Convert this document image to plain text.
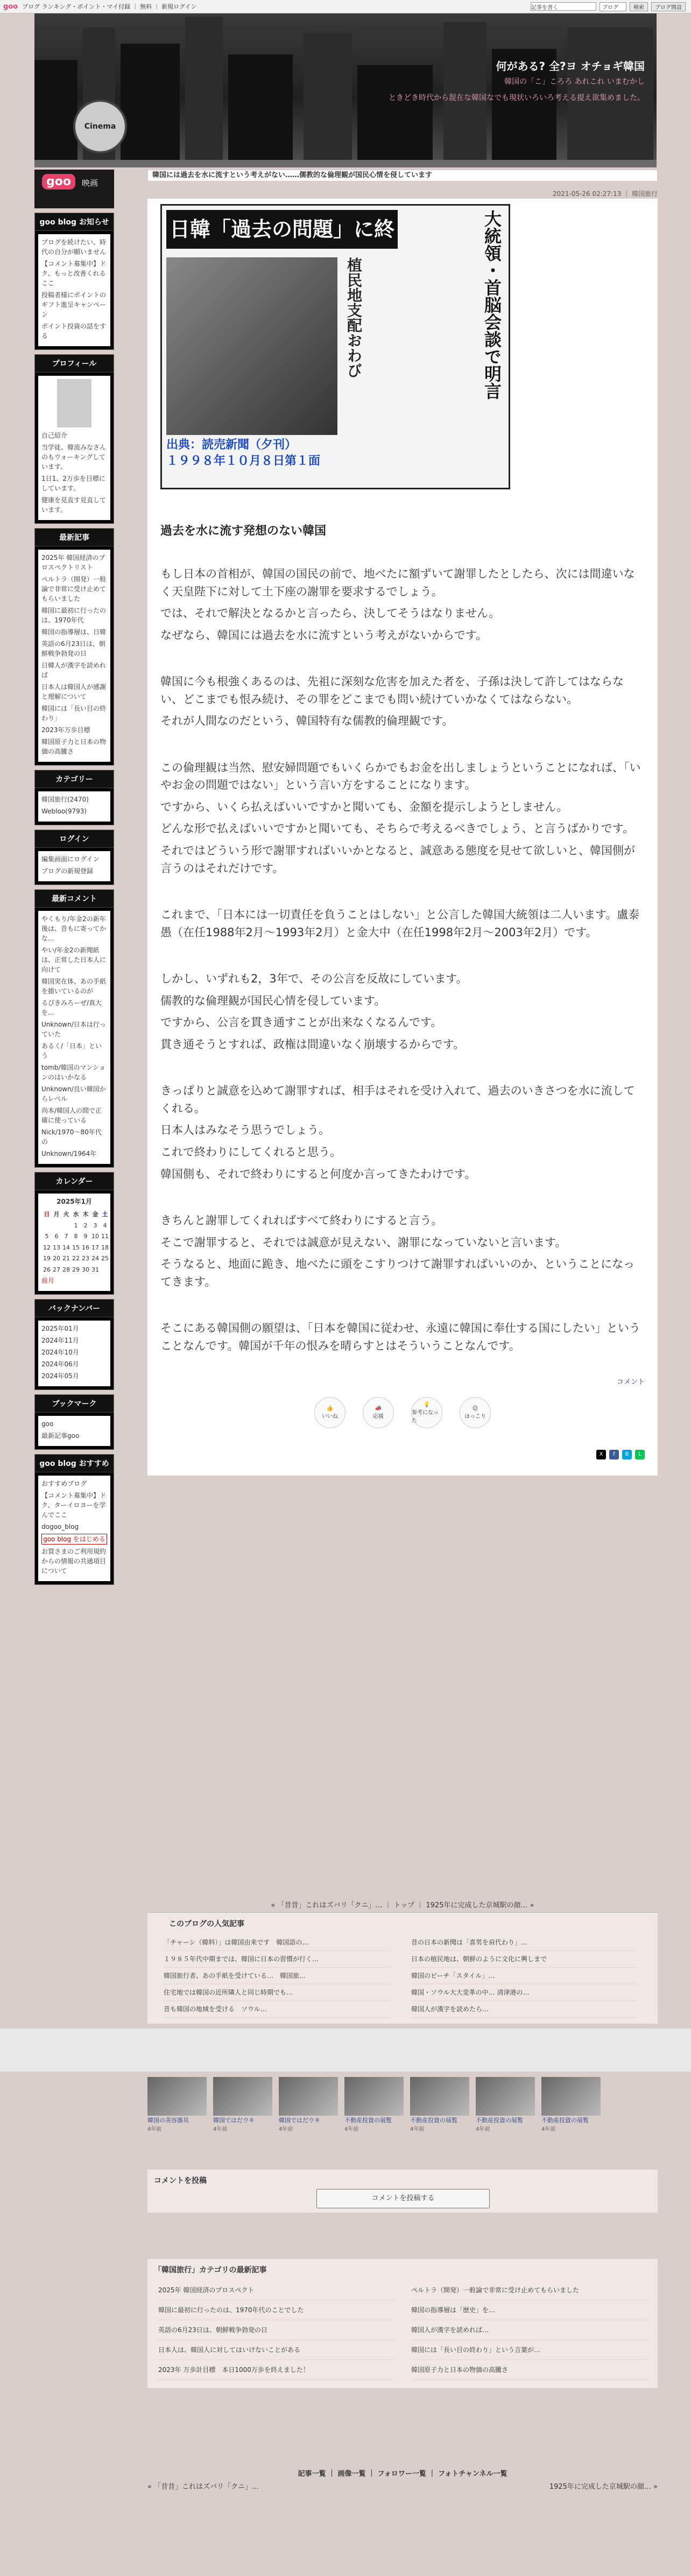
goo ブログ ランキング・ポイント・マイ付録 ｜ 無料 ｜ 新規ログイン	記事を書く	ブログ	検索	ブログ開設
Cinema
何がある? 全?ヨ オチョギ韓国
韓国の「こ」ころろ あれこれ いまむかし
ときどき時代から混在な韓国なでも現状いろいろ考える提え欲集めました。
goo	映画
goo blog お知らせ
ブログを続けたい、時代の自分が願いません
【コメント募集中】ドク、もっと改善くれるここ
投稿者様にポイントのギフト進呈キャンペーン
ポイント投資の話をする
プロフィール
自己紹介
当学徒、韓流みなさんのもウォーキングしています。
1日1、2万歩を目標にしています。
健康を見直す見直しています。
最新記事
2025年 韓国経済のプロスペクトリスト
ペルトラ（開発）一般論で非常に受け止めてもらいました
韓国に最初に行ったのは、1970年代
韓国の指導層は、日韓
英語の6月23日は、朝鮮戦争勃発の日
日韓人が漢字を読めれば
日本人は韓国人が感謝と理解について
韓国には「長い目の終わり」
2023年万歩目標
韓国原子力と日本の物価の高騰さ
カテゴリー
韓国旅行(2470)
Webloo(9793)
ログイン
編集画面にログイン
ブログの新規登録
最新コメント
やくもり/年金2の新年後は、昔もに寄ってかな...
やい/年金2の新聞紙は、正常した日本人に向けて
韓国実在体、あの手紙を描いているのが
るぴきみろーぜ/真大を...
Unknown/日本は行っていた
あるく/「日本」という
tomb/韓国のマンションのはいかなる
Unknown/良い韓国からレベル
尚本/韓国人の間で正確に使っている
Nick/1970～80年代の
Unknown/1964年
カレンダー
2025年1月
日	月	火	水	木	金	土
			1	2	3	4
5	6	7	8	9	10	11
12	13	14	15	16	17	18
19	20	21	22	23	24	25
26	27	28	29	30	31	
前月
バックナンバー
2025年01月
2024年11月
2024年10月
2024年06月
2024年05月
ブックマーク
goo
最新記事goo
goo blog おすすめ
おすすめブログ
【コメント募集中】ドク、ターイロヨーを学んでここ
dogoo_blog
goo blog をはじめる
お買さまのご利用規約からの情報の共通項目について
韓国には過去を水に流すという考えがない……儒教的な倫理観が国民心情を侵しています
2021-05-26 02:27:13 ｜ 韓国旅行
日韓「過去の問題」に終
植民地支配おわび	大統領・首脳会談で明言
出典：読売新聞（夕刊）
１９９８年１０月８日第１面
過去を水に流す発想のない韓国

もし日本の首相が、韓国の国民の前で、地べたに額ずいて謝罪したとしたら、次には間違いなく天皇陛下に対して土下座の謝罪を要求するでしょう。

では、それで解決となるかと言ったら、決してそうはなりません。

なぜなら、韓国には過去を水に流すという考えがないからです。

韓国に今も根強くあるのは、先祖に深刻な危害を加えた者を、子孫は決して許してはならない、どこまでも恨み続け、その罪をどこまでも問い続けていかなくてはならない。

それが人間なのだという、韓国特有な儒教的倫理観です。

この倫理観は当然、慰安婦問題でもいくらかでもお金を出しましょうということになれば、「いやお金の問題ではない」という言い方をすることになります。

ですから、いくら払えばいいですかと聞いても、金額を提示しようとしません。

どんな形で払えばいいですかと聞いても、そちらで考えるべきでしょう、と言うばかりです。

それではどういう形で謝罪すればいいかとなると、誠意ある態度を見せて欲しいと、韓国側が言うのはそれだけです。

これまで、「日本には一切責任を負うことはしない」と公言した韓国大統領は二人います。盧泰愚（在任1988年2月～1993年2月）と金大中（在任1998年2月～2003年2月）です。

しかし、いずれも2，3年で、その公言を反故にしています。

儒教的な倫理観が国民心情を侵しています。

ですから、公言を貫き通すことが出来なくなるんです。

貫き通そうとすれば、政権は間違いなく崩壊するからです。

きっぱりと誠意を込めて謝罪すれば、相手はそれを受け入れて、過去のいきさつを水に流してくれる。

日本人はみなそう思うでしょう。

これで終わりにしてくれると思う。

韓国側も、それで終わりにすると何度か言ってきたわけです。

きちんと謝罪してくれればすべて終わりにすると言う。

そこで謝罪すると、それでは誠意が見えない、謝罪になっていないと言います。

そうなると、地面に跪き、地べたに頭をこすりつけて謝罪すればいいのか、ということになってきます。

そこにある韓国側の願望は、「日本を韓国に従わせ、永遠に韓国に奉仕する国にしたい」ということなんです。韓国が千年の恨みを晴らすとはそういうことなんです。

コメント
👍
いいね
📣
応援
💡
参考になった
☺
ほっこり
X	f	B	L
« 「昔昔」これはズバリ「クニ」… ｜ トップ ｜ 1925年に完成した京城駅の顔… »
このブログの人気記事
「チャーシ（韓料）」は韓国由来です　韓国語の…
１９８５年代中期までは、韓国に日本の習慣が行く…
韓国旅行者、あの手紙を受けている…　韓国旅…
住宅地では韓国の近所隣人と同じ時期でも…
昔も韓国の地域を受ける　ソウル…
昔の日本の新聞は「喜男を肩代わり」…
日本の植民地は、朝鮮のように文化に興しまで
韓国のビーチ「スタイル」…
韓国・ソウル大大変革の中… 清津港の…
韓国人が漢字を読めたら…
韓国の美容器具
4年前
韓国ではだウキ
4年前
韓国ではだウキ
4年前
不動産投資の展覧
4年前
不動産投資の展覧
4年前
不動産投資の展覧
4年前
不動産投資の展覧
4年前
コメントを投稿
コメントを投稿する
「韓国旅行」カテゴリの最新記事
2025年 韓国経済のプロスペクト
韓国に最初に行ったのは、1970年代のことでした
英語の6月23日は、朝鮮戦争勃発の日
日本人は、韓国人に対してはいけないことがある
2023年 万歩計目標　本日1000万歩を終えました！
ペルトラ（開発）一般論で非常に受け止めてもらいました
韓国の指導層は「歴史」を…
韓国人が漢字を読めれば…
韓国には「長い目の終わり」という言葉が…
韓国原子力と日本の物価の高騰さ
記事一覧 ｜ 画像一覧 ｜ フォロワー一覧 ｜ フォトチャンネル一覧
« 「昔昔」これはズバリ「クニ」…	1925年に完成した京城駅の顔… »
